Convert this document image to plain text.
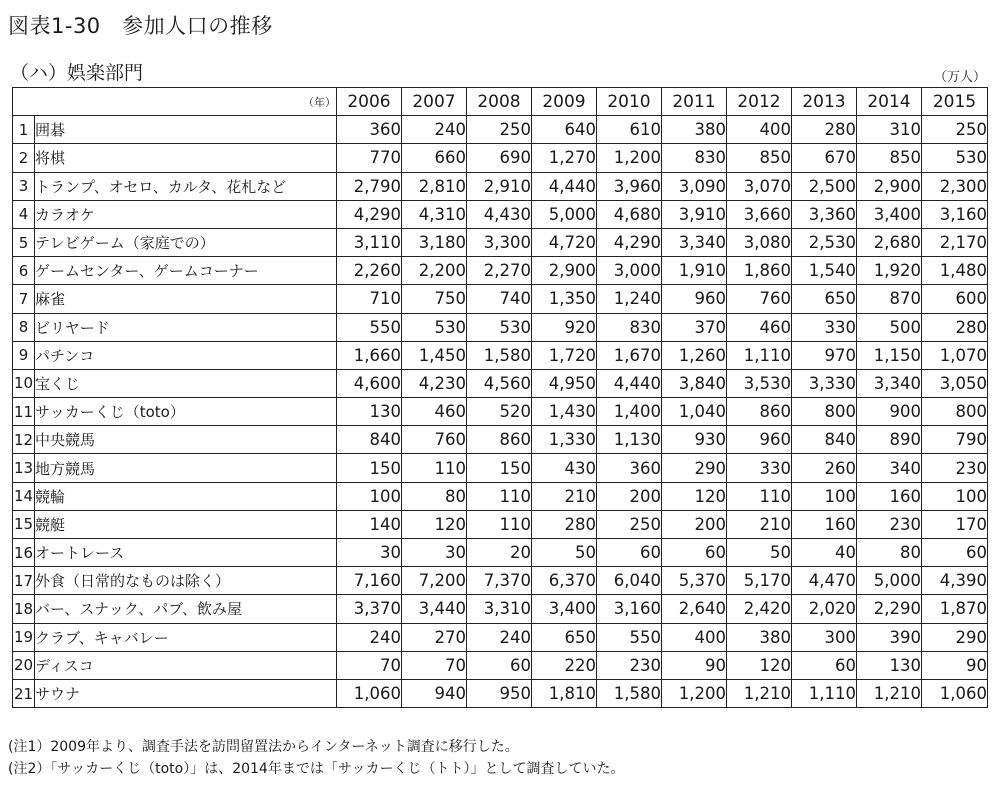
図表1-30　参加人口の推移
（ハ）娯楽部門	（万人）
（年）		2006	2007	2008	2009	2010	2011	2012	2013	2014	2015
1	囲碁	360	240	250	640	610	380	400	280	310	250
2	将棋	770	660	690	1,270	1,200	830	850	670	850	530
3	トランプ、オセロ、カルタ、花札など	2,790	2,810	2,910	4,440	3,960	3,090	3,070	2,500	2,900	2,300
4	カラオケ	4,290	4,310	4,430	5,000	4,680	3,910	3,660	3,360	3,400	3,160
5	テレビゲーム（家庭での）	3,110	3,180	3,300	4,720	4,290	3,340	3,080	2,530	2,680	2,170
6	ゲームセンター、ゲームコーナー	2,260	2,200	2,270	2,900	3,000	1,910	1,860	1,540	1,920	1,480
7	麻雀	710	750	740	1,350	1,240	960	760	650	870	600
8	ビリヤード	550	530	530	920	830	370	460	330	500	280
9	パチンコ	1,660	1,450	1,580	1,720	1,670	1,260	1,110	970	1,150	1,070
10	宝くじ	4,600	4,230	4,560	4,950	4,440	3,840	3,530	3,330	3,340	3,050
11	サッカーくじ（toto）	130	460	520	1,430	1,400	1,040	860	800	900	800
12	中央競馬	840	760	860	1,330	1,130	930	960	840	890	790
13	地方競馬	150	110	150	430	360	290	330	260	340	230
14	競輪	100	80	110	210	200	120	110	100	160	100
15	競艇	140	120	110	280	250	200	210	160	230	170
16	オートレース	30	30	20	50	60	60	50	40	80	60
17	外食（日常的なものは除く）	7,160	7,200	7,370	6,370	6,040	5,370	5,170	4,470	5,000	4,390
18	バー、スナック、パブ、飲み屋	3,370	3,440	3,310	3,400	3,160	2,640	2,420	2,020	2,290	1,870
19	クラブ、キャバレー	240	270	240	650	550	400	380	300	390	290
20	ディスコ	70	70	60	220	230	90	120	60	130	90
21	サウナ	1,060	940	950	1,810	1,580	1,200	1,210	1,110	1,210	1,060
(注1）2009年より、調査手法を訪問留置法からインターネット調査に移行した。
(注2）「サッカーくじ（toto）」は、2014年までは「サッカーくじ（トト）」として調査していた。
